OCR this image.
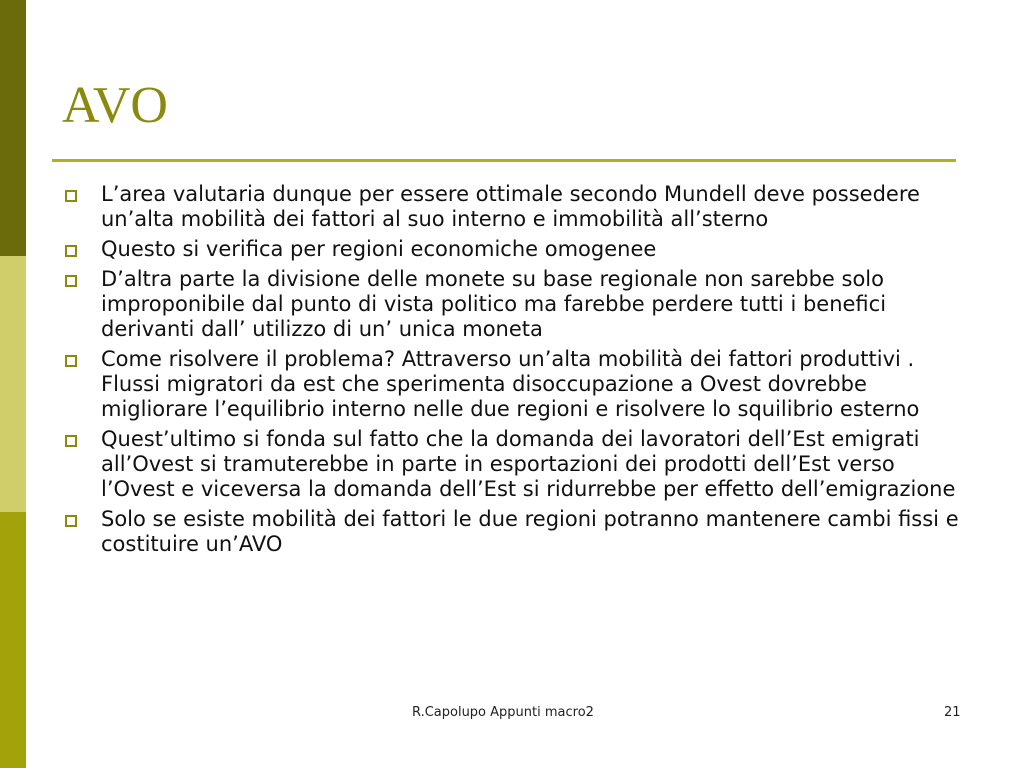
AVO
L’area valutaria dunque per essere ottimale secondo Mundell deve possedere un’alta mobilità dei fattori al suo interno e immobilità all’sterno
Questo si verifica per regioni economiche omogenee
D’altra parte la divisione delle monete su base regionale non sarebbe solo improponibile dal punto di vista politico ma farebbe perdere tutti i benefici derivanti dall’ utilizzo di un’ unica moneta
Come risolvere il problema? Attraverso un’alta mobilità dei fattori produttivi . Flussi migratori da est che sperimenta disoccupazione a Ovest dovrebbe migliorare l’equilibrio interno nelle due regioni e risolvere lo squilibrio esterno
Quest’ultimo si fonda sul fatto che la domanda dei lavoratori dell’Est emigrati all’Ovest si tramuterebbe in parte in esportazioni dei prodotti dell’Est verso l’Ovest e viceversa la domanda dell’Est si ridurrebbe per effetto dell’emigrazione
Solo se esiste mobilità dei fattori le due regioni potranno mantenere cambi fissi e costituire un’AVO
R.Capolupo Appunti macro2	21
